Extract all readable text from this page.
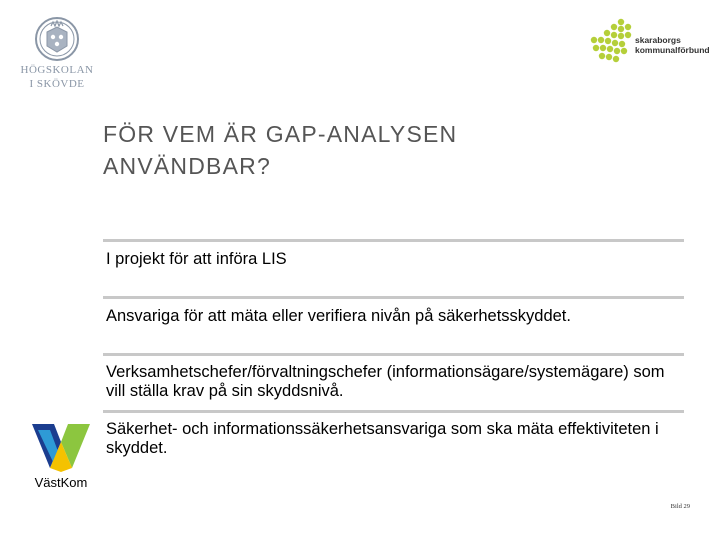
HÖGSKOLAN
I SKÖVDE
skaraborgs
kommunalförbund
FÖR VEM ÄR GAP-ANALYSEN
ANVÄNDBAR?
I projekt för att införa LIS
Ansvariga för att mäta eller verifiera nivån på säkerhetsskyddet.
Verksamhetschefer/förvaltningschefer (informationsägare/systemägare) som vill ställa krav på sin skyddsnivå.
Säkerhet- och informationssäkerhetsansvariga som ska mäta effektiviteten i skyddet.
VästKom
Bild 29
